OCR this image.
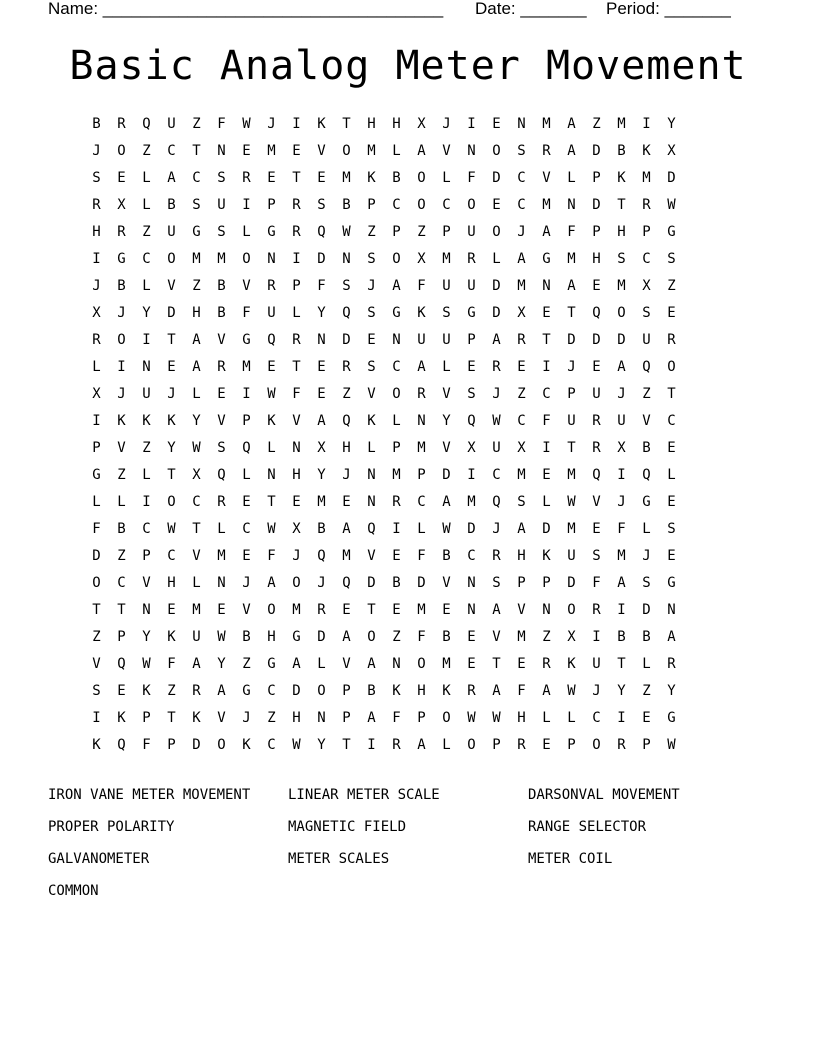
Name: ____________________________________ Date: _______ Period: _______
Basic Analog Meter Movement
B	R	Q	U	Z	F	W	J	I	K	T	H	H	X	J	I	E	N	M	A	Z	M	I	Y
J	O	Z	C	T	N	E	M	E	V	O	M	L	A	V	N	O	S	R	A	D	B	K	X
S	E	L	A	C	S	R	E	T	E	M	K	B	O	L	F	D	C	V	L	P	K	M	D
R	X	L	B	S	U	I	P	R	S	B	P	C	O	C	O	E	C	M	N	D	T	R	W
H	R	Z	U	G	S	L	G	R	Q	W	Z	P	Z	P	U	O	J	A	F	P	H	P	G
I	G	C	O	M	M	O	N	I	D	N	S	O	X	M	R	L	A	G	M	H	S	C	S
J	B	L	V	Z	B	V	R	P	F	S	J	A	F	U	U	D	M	N	A	E	M	X	Z
X	J	Y	D	H	B	F	U	L	Y	Q	S	G	K	S	G	D	X	E	T	Q	O	S	E
R	O	I	T	A	V	G	Q	R	N	D	E	N	U	U	P	A	R	T	D	D	D	U	R
L	I	N	E	A	R	M	E	T	E	R	S	C	A	L	E	R	E	I	J	E	A	Q	O
X	J	U	J	L	E	I	W	F	E	Z	V	O	R	V	S	J	Z	C	P	U	J	Z	T
I	K	K	K	Y	V	P	K	V	A	Q	K	L	N	Y	Q	W	C	F	U	R	U	V	C
P	V	Z	Y	W	S	Q	L	N	X	H	L	P	M	V	X	U	X	I	T	R	X	B	E
G	Z	L	T	X	Q	L	N	H	Y	J	N	M	P	D	I	C	M	E	M	Q	I	Q	L
L	L	I	O	C	R	E	T	E	M	E	N	R	C	A	M	Q	S	L	W	V	J	G	E
F	B	C	W	T	L	C	W	X	B	A	Q	I	L	W	D	J	A	D	M	E	F	L	S
D	Z	P	C	V	M	E	F	J	Q	M	V	E	F	B	C	R	H	K	U	S	M	J	E
O	C	V	H	L	N	J	A	O	J	Q	D	B	D	V	N	S	P	P	D	F	A	S	G
T	T	N	E	M	E	V	O	M	R	E	T	E	M	E	N	A	V	N	O	R	I	D	N
Z	P	Y	K	U	W	B	H	G	D	A	O	Z	F	B	E	V	M	Z	X	I	B	B	A
V	Q	W	F	A	Y	Z	G	A	L	V	A	N	O	M	E	T	E	R	K	U	T	L	R
S	E	K	Z	R	A	G	C	D	O	P	B	K	H	K	R	A	F	A	W	J	Y	Z	Y
I	K	P	T	K	V	J	Z	H	N	P	A	F	P	O	W	W	H	L	L	C	I	E	G
K	Q	F	P	D	O	K	C	W	Y	T	I	R	A	L	O	P	R	E	P	O	R	P	W
IRON VANE METER MOVEMENT	LINEAR METER SCALE	DARSONVAL MOVEMENT
PROPER POLARITY	MAGNETIC FIELD	RANGE SELECTOR
GALVANOMETER	METER SCALES	METER COIL
COMMON
